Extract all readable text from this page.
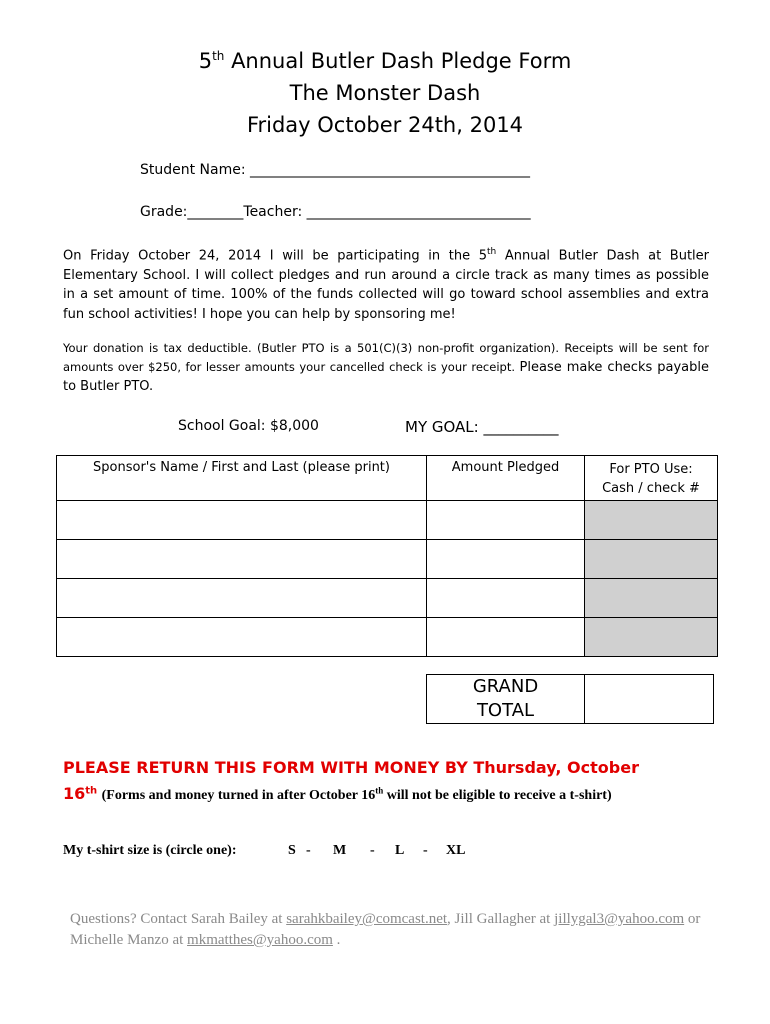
5th Annual Butler Dash Pledge Form
The Monster Dash
Friday October 24th, 2014
Student Name: ________________________________________
Grade:________Teacher: ________________________________
On Friday October 24, 2014 I will be participating in the 5th Annual Butler Dash at Butler Elementary School. I will collect pledges and run around a circle track as many times as possible in a set amount of time. 100% of the funds collected will go toward school assemblies and extra fun school activities! I hope you can help by sponsoring me!
Your donation is tax deductible. (Butler PTO is a 501(C)(3) non-profit organization). Receipts will be sent for amounts over $250, for lesser amounts your cancelled check is your receipt. Please make checks payable to Butler PTO.
School Goal: $8,000	MY GOAL: __________
Sponsor's Name / First and Last (please print)	Amount Pledged	For PTO Use:
Cash / check #

GRAND
TOTAL

PLEASE RETURN THIS FORM WITH MONEY BY Thursday, October
16th (Forms and money turned in after October 16th will not be eligible to receive a t-shirt)
My t-shirt size is (circle one):	S - M - L - XL
Questions? Contact Sarah Bailey at sarahkbailey@comcast.net, Jill Gallagher at jillygal3@yahoo.com or Michelle Manzo at mkmatthes@yahoo.com .
